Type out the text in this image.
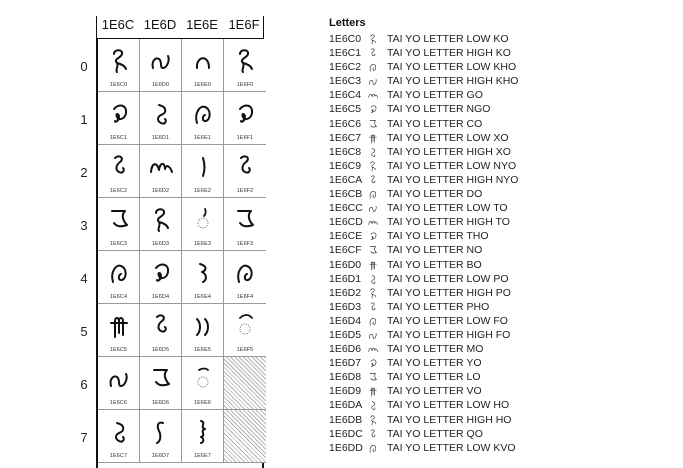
1E6C 1E6D 1E6E 1E6F
0
1
2
3
4
5
6
7
1E6C0	1E6D0	1E6E0	1E6F0
1E6C1	1E6D1	1E6E1	1E6F1
1E6C2	1E6D2	1E6E2	1E6F2
1E6C3	1E6D3	1E6E3	1E6F3
1E6C4	1E6D4	1E6E4	1E6F4
1E6C5	1E6D5	1E6E5	1E6F5
1E6C6	1E6D6	1E6E6
1E6C7	1E6D7	1E6E7
Letters
1E6C0 TAI YO LETTER LOW KO
1E6C1 TAI YO LETTER HIGH KO
1E6C2 TAI YO LETTER LOW KHO
1E6C3 TAI YO LETTER HIGH KHO
1E6C4 TAI YO LETTER GO
1E6C5 TAI YO LETTER NGO
1E6C6 TAI YO LETTER CO
1E6C7 TAI YO LETTER LOW XO
1E6C8 TAI YO LETTER HIGH XO
1E6C9 TAI YO LETTER LOW NYO
1E6CA TAI YO LETTER HIGH NYO
1E6CB TAI YO LETTER DO
1E6CC TAI YO LETTER LOW TO
1E6CD TAI YO LETTER HIGH TO
1E6CE TAI YO LETTER THO
1E6CF TAI YO LETTER NO
1E6D0 TAI YO LETTER BO
1E6D1 TAI YO LETTER LOW PO
1E6D2 TAI YO LETTER HIGH PO
1E6D3 TAI YO LETTER PHO
1E6D4 TAI YO LETTER LOW FO
1E6D5 TAI YO LETTER HIGH FO
1E6D6 TAI YO LETTER MO
1E6D7 TAI YO LETTER YO
1E6D8 TAI YO LETTER LO
1E6D9 TAI YO LETTER VO
1E6DA TAI YO LETTER LOW HO
1E6DB TAI YO LETTER HIGH HO
1E6DC TAI YO LETTER QO
1E6DD TAI YO LETTER LOW KVO
